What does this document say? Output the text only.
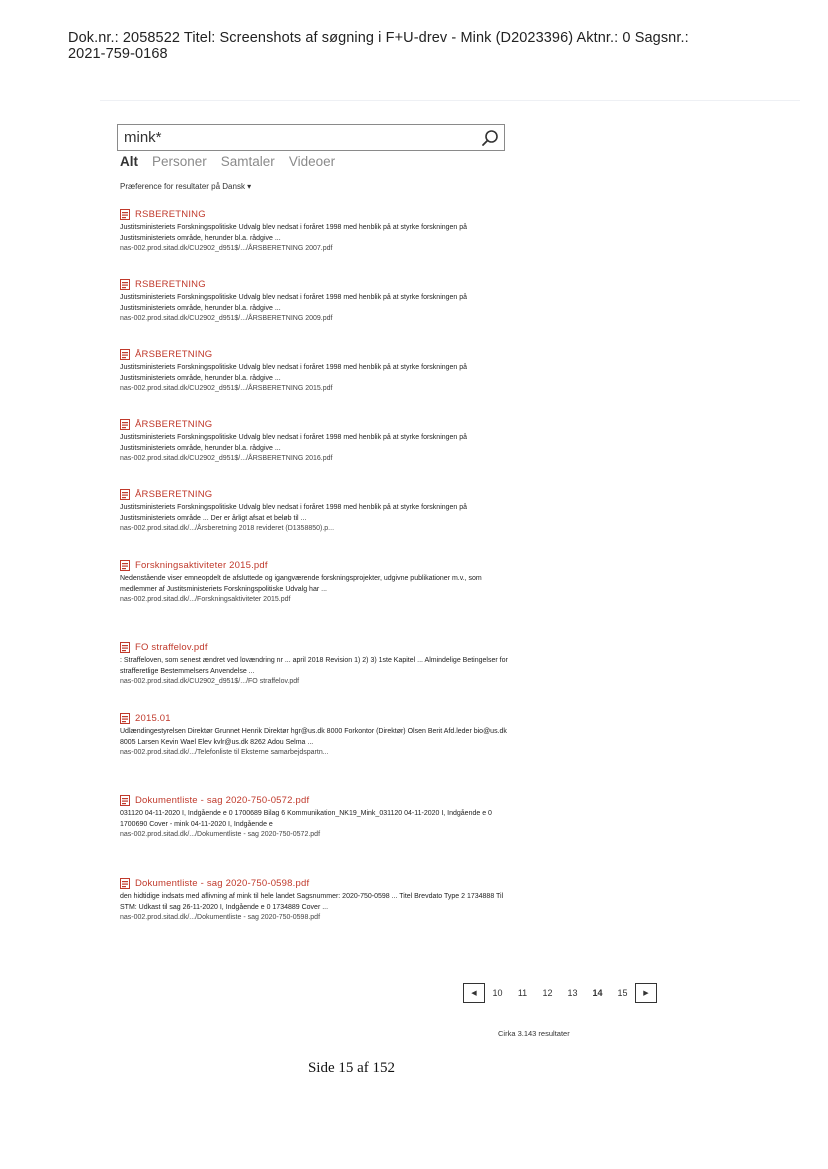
Dok.nr.: 2058522 Titel: Screenshots af søgning i F+U-drev - Mink (D2023396) Aktnr.: 0 Sagsnr.:
2021-759-0168
mink*
Alt Personer Samtaler Videoer
Præference for resultater på Dansk ▾
RSBERETNING
Justitsministeriets Forskningspolitiske Udvalg blev nedsat i foråret 1998 med henblik på at styrke forskningen på Justitsministeriets område, herunder bl.a. rådgive ...
nas-002.prod.sitad.dk/CU2902_d951$/.../ÅRSBERETNING 2007.pdf
RSBERETNING
Justitsministeriets Forskningspolitiske Udvalg blev nedsat i foråret 1998 med henblik på at styrke forskningen på Justitsministeriets område, herunder bl.a. rådgive ...
nas-002.prod.sitad.dk/CU2902_d951$/.../ÅRSBERETNING 2009.pdf
ÅRSBERETNING
Justitsministeriets Forskningspolitiske Udvalg blev nedsat i foråret 1998 med henblik på at styrke forskningen på Justitsministeriets område, herunder bl.a. rådgive ...
nas-002.prod.sitad.dk/CU2902_d951$/.../ÅRSBERETNING 2015.pdf
ÅRSBERETNING
Justitsministeriets Forskningspolitiske Udvalg blev nedsat i foråret 1998 med henblik på at styrke forskningen på Justitsministeriets område, herunder bl.a. rådgive ...
nas-002.prod.sitad.dk/CU2902_d951$/.../ÅRSBERETNING 2016.pdf
ÅRSBERETNING
Justitsministeriets Forskningspolitiske Udvalg blev nedsat i foråret 1998 med henblik på at styrke forskningen på Justitsministeriets område ... Der er årligt afsat et beløb til ...
nas-002.prod.sitad.dk/.../Årsberetning 2018 revideret (D1358850).p...
Forskningsaktiviteter 2015.pdf
Nedenstående viser emneopdelt de afsluttede og igangværende forskningsprojekter, udgivne publikationer m.v., som medlemmer af Justitsministeriets Forskningspolitiske Udvalg har ...
nas-002.prod.sitad.dk/.../Forskningsaktiviteter 2015.pdf
FO straffelov.pdf
: Straffeloven, som senest ændret ved lovændring nr ... april 2018 Revision 1) 2) 3) 1ste Kapitel ... Almindelige Betingelser for strafferetlige Bestemmelsers Anvendelse ...
nas-002.prod.sitad.dk/CU2902_d951$/.../FO straffelov.pdf
2015.01
Udlændingestyrelsen Direktør Grunnet Henrik Direktør hgr@us.dk 8000 Forkontor (Direktør) Olsen Berit Afd.leder bio@us.dk 8005 Larsen Kevin Wael Elev kvlr@us.dk 8262 Adou Selma ...
nas-002.prod.sitad.dk/.../Telefonliste til Eksterne samarbejdspartn...
Dokumentliste - sag 2020-750-0572.pdf
031120 04-11-2020 I, Indgående e 0 1700689 Bilag 6 Kommunikation_NK19_Mink_031120 04-11-2020 I, Indgående e 0 1700690 Cover - mink 04-11-2020 I, Indgående e
nas-002.prod.sitad.dk/.../Dokumentliste - sag 2020-750-0572.pdf
Dokumentliste - sag 2020-750-0598.pdf
den hidtidige indsats med aflivning af mink til hele landet Sagsnummer: 2020-750-0598 ... Titel Brevdato Type 2 1734888 Til STM: Udkast til sag 26-11-2020 I, Indgående e 0 1734889 Cover ...
nas-002.prod.sitad.dk/.../Dokumentliste - sag 2020-750-0598.pdf
◀	10	11	12	13	14	15	▶
Cirka 3.143 resultater
Side 15 af 152
